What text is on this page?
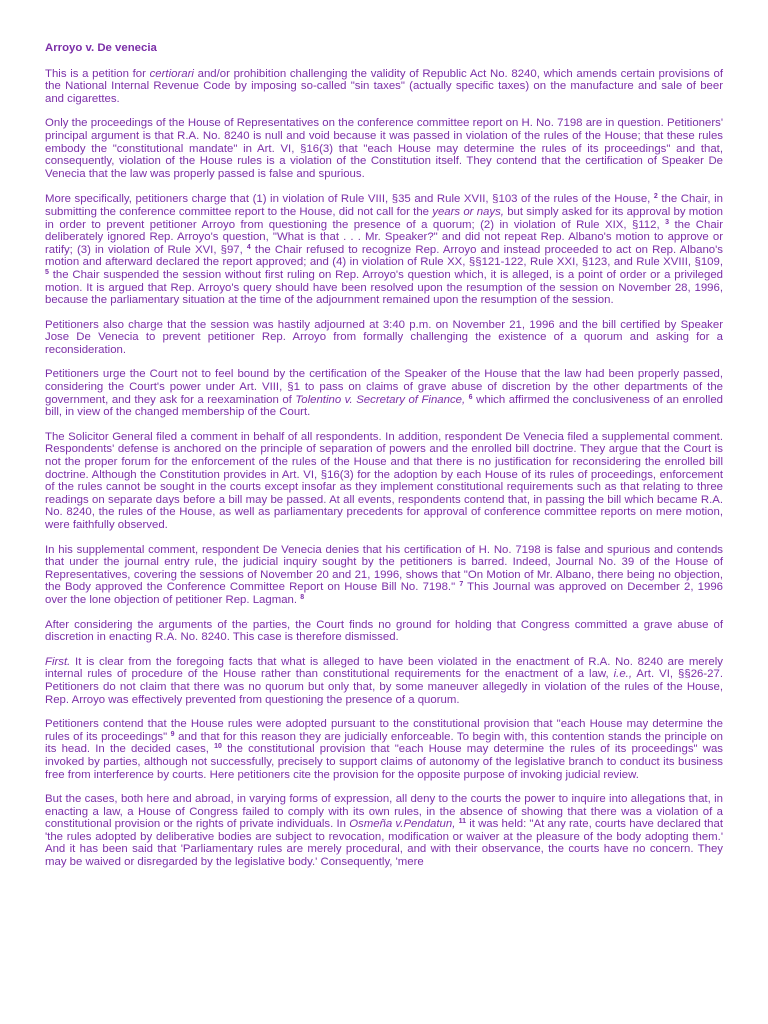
Arroyo v. De venecia

This is a petition for certiorari and/or prohibition challenging the validity of Republic Act No. 8240, which amends certain provisions of the National Internal Revenue Code by imposing so-called "sin taxes" (actually specific taxes) on the manufacture and sale of beer and cigarettes.

Only the proceedings of the House of Representatives on the conference committee report on H. No. 7198 are in question. Petitioners' principal argument is that R.A. No. 8240 is null and void because it was passed in violation of the rules of the House; that these rules embody the "constitutional mandate" in Art. VI, §16(3) that "each House may determine the rules of its proceedings" and that, consequently, violation of the House rules is a violation of the Constitution itself. They contend that the certification of Speaker De Venecia that the law was properly passed is false and spurious.

More specifically, petitioners charge that (1) in violation of Rule VIII, §35 and Rule XVII, §103 of the rules of the House, $^2$ the Chair, in submitting the conference committee report to the House, did not call for the years or nays, but simply asked for its approval by motion in order to prevent petitioner Arroyo from questioning the presence of a quorum; (2) in violation of Rule XIX, §112, $^3$ the Chair deliberately ignored Rep. Arroyo's question, "What is that . . . Mr. Speaker?" and did not repeat Rep. Albano's motion to approve or ratify; (3) in violation of Rule XVI, §97, $^4$ the Chair refused to recognize Rep. Arroyo and instead proceeded to act on Rep. Albano's motion and afterward declared the report approved; and (4) in violation of Rule XX, §§121-122, Rule XXI, §123, and Rule XVIII, §109, $^5$ the Chair suspended the session without first ruling on Rep. Arroyo's question which, it is alleged, is a point of order or a privileged motion. It is argued that Rep. Arroyo's query should have been resolved upon the resumption of the session on November 28, 1996, because the parliamentary situation at the time of the adjournment remained upon the resumption of the session.

Petitioners also charge that the session was hastily adjourned at 3:40 p.m. on November 21, 1996 and the bill certified by Speaker Jose De Venecia to prevent petitioner Rep. Arroyo from formally challenging the existence of a quorum and asking for a reconsideration.

Petitioners urge the Court not to feel bound by the certification of the Speaker of the House that the law had been properly passed, considering the Court's power under Art. VIII, §1 to pass on claims of grave abuse of discretion by the other departments of the government, and they ask for a reexamination of Tolentino v. Secretary of Finance, $^6$ which affirmed the conclusiveness of an enrolled bill, in view of the changed membership of the Court.

The Solicitor General filed a comment in behalf of all respondents. In addition, respondent De Venecia filed a supplemental comment. Respondents' defense is anchored on the principle of separation of powers and the enrolled bill doctrine. They argue that the Court is not the proper forum for the enforcement of the rules of the House and that there is no justification for reconsidering the enrolled bill doctrine. Although the Constitution provides in Art. VI, §16(3) for the adoption by each House of its rules of proceedings, enforcement of the rules cannot be sought in the courts except insofar as they implement constitutional requirements such as that relating to three readings on separate days before a bill may be passed. At all events, respondents contend that, in passing the bill which became R.A. No. 8240, the rules of the House, as well as parliamentary precedents for approval of conference committee reports on mere motion, were faithfully observed.

In his supplemental comment, respondent De Venecia denies that his certification of H. No. 7198 is false and spurious and contends that under the journal entry rule, the judicial inquiry sought by the petitioners is barred. Indeed, Journal No. 39 of the House of Representatives, covering the sessions of November 20 and 21, 1996, shows that "On Motion of Mr. Albano, there being no objection, the Body approved the Conference Committee Report on House Bill No. 7198." $^7$ This Journal was approved on December 2, 1996 over the lone objection of petitioner Rep. Lagman. $^8$

After considering the arguments of the parties, the Court finds no ground for holding that Congress committed a grave abuse of discretion in enacting R.A. No. 8240. This case is therefore dismissed.

First. It is clear from the foregoing facts that what is alleged to have been violated in the enactment of R.A. No. 8240 are merely internal rules of procedure of the House rather than constitutional requirements for the enactment of a law, i.e., Art. VI, §§26-27. Petitioners do not claim that there was no quorum but only that, by some maneuver allegedly in violation of the rules of the House, Rep. Arroyo was effectively prevented from questioning the presence of a quorum.

Petitioners contend that the House rules were adopted pursuant to the constitutional provision that "each House may determine the rules of its proceedings" $^9$ and that for this reason they are judicially enforceable. To begin with, this contention stands the principle on its head. In the decided cases, $^{10}$ the constitutional provision that "each House may determine the rules of its proceedings" was invoked by parties, although not successfully, precisely to support claims of autonomy of the legislative branch to conduct its business free from interference by courts. Here petitioners cite the provision for the opposite purpose of invoking judicial review.

But the cases, both here and abroad, in varying forms of expression, all deny to the courts the power to inquire into allegations that, in enacting a law, a House of Congress failed to comply with its own rules, in the absence of showing that there was a violation of a constitutional provision or the rights of private individuals. In Osmeña v.Pendatun, $^{11}$ it was held: "At any rate, courts have declared that 'the rules adopted by deliberative bodies are subject to revocation, modification or waiver at the pleasure of the body adopting them.' And it has been said that 'Parliamentary rules are merely procedural, and with their observance, the courts have no concern. They may be waived or disregarded by the legislative body.' Consequently, 'mere
